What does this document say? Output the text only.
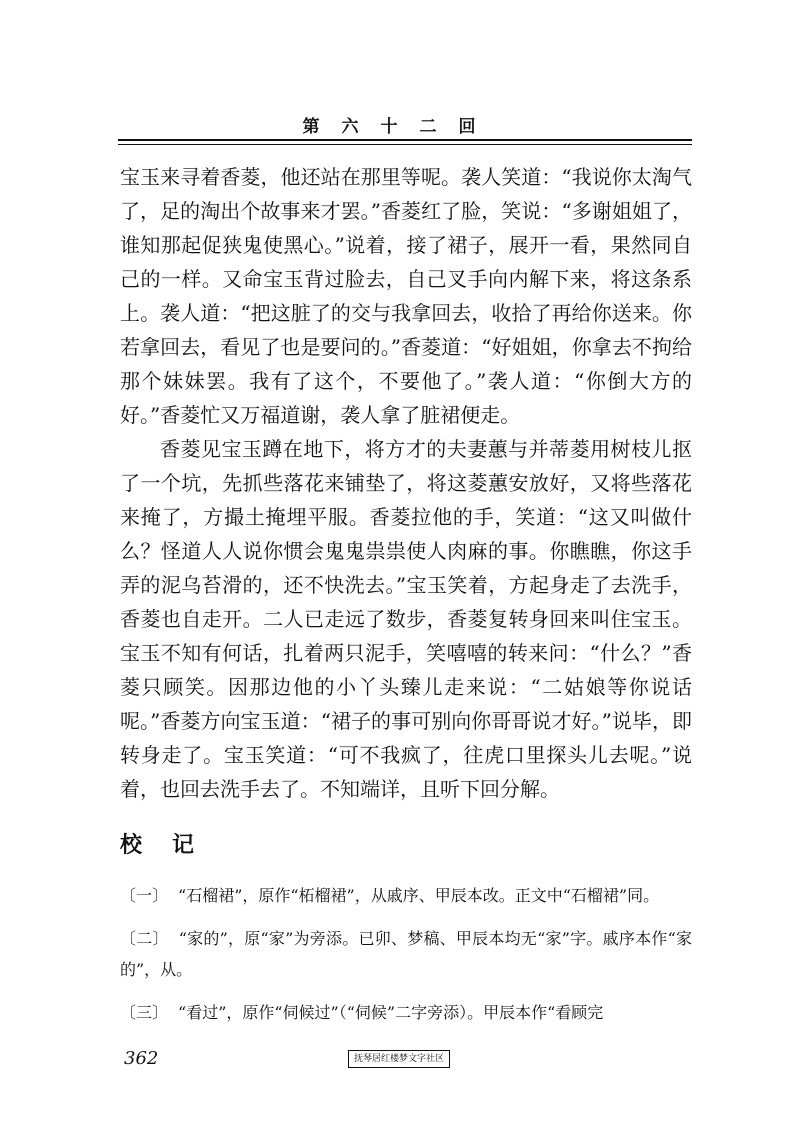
第六十二回

宝玉来寻着香菱，他还站在那里等呢。袭人笑道：“我说你太淘气了，足的淘出个故事来才罢。”香菱红了脸，笑说：“多谢姐姐了，谁知那起促狭鬼使黑心。”说着，接了裙子，展开一看，果然同自己的一样。又命宝玉背过脸去，自己叉手向内解下来，将这条系上。袭人道：“把这脏了的交与我拿回去，收拾了再给你送来。你若拿回去，看见了也是要问的。”香菱道：“好姐姐，你拿去不拘给那个妹妹罢。我有了这个，不要他了。”袭人道：“你倒大方的好。”香菱忙又万福道谢，袭人拿了脏裙便走。

香菱见宝玉蹲在地下，将方才的夫妻蕙与并蒂菱用树枝儿抠了一个坑，先抓些落花来铺垫了，将这菱蕙安放好，又将些落花来掩了，方撮土掩埋平服。香菱拉他的手，笑道：“这又叫做什么？怪道人人说你惯会鬼鬼祟祟使人肉麻的事。你瞧瞧，你这手弄的泥乌苔滑的，还不快洗去。”宝玉笑着，方起身走了去洗手，香菱也自走开。二人已走远了数步，香菱复转身回来叫住宝玉。宝玉不知有何话，扎着两只泥手，笑嘻嘻的转来问：“什么？”香菱只顾笑。因那边他的小丫头臻儿走来说：“二姑娘等你说话呢。”香菱方向宝玉道：“裙子的事可别向你哥哥说才好。”说毕，即转身走了。宝玉笑道：“可不我疯了，往虎口里探头儿去呢。”说着，也回去洗手去了。不知端详，且听下回分解。

校记

〔一〕 “石榴裙”，原作“柘榴裙”，从戚序、甲辰本改。正文中“石榴裙”同。

〔二〕 “家的”，原“家”为旁添。已卯、梦稿、甲辰本均无“家”字。戚序本作“家的”，从。

〔三〕 “看过”，原作“伺候过”（“伺候”二字旁添）。甲辰本作“看顾完

362	抚琴居红楼梦文字社区
